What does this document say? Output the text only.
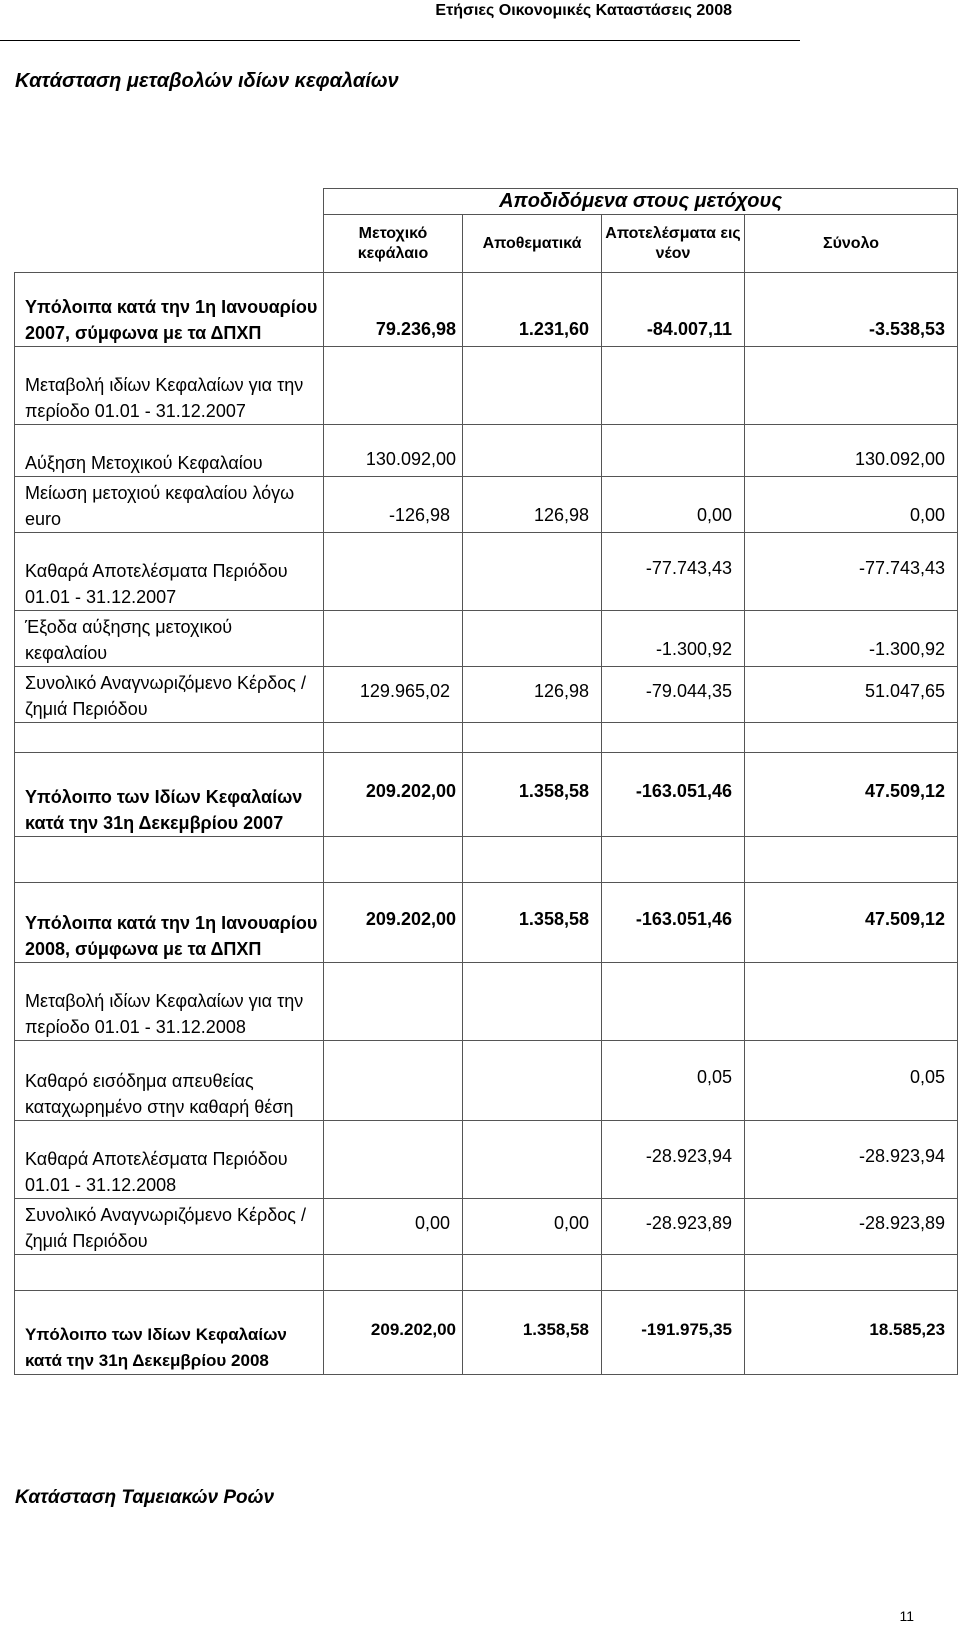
Ετήσιες Οικονομικές Καταστάσεις 2008
Κατάσταση μεταβολών ιδίων κεφαλαίων
	Αποδιδόμενα στους μετόχους			
	Μετοχικό κεφάλαιο	Αποθεματικά	Αποτελέσματα εις νέον	Σύνολο
Υπόλοιπα κατά την 1η Ιανουαρίου 2007, σύμφωνα με τα ΔΠΧΠ	79.236,98	1.231,60	-84.007,11	-3.538,53
Μεταβολή ιδίων Κεφαλαίων για την περίοδο 01.01 - 31.12.2007				
Αύξηση Μετοχικού Κεφαλαίου	130.092,00			130.092,00
Μείωση μετοχιού κεφαλαίου λόγω euro	-126,98	126,98	0,00	0,00
Καθαρά Αποτελέσματα Περιόδου 01.01 - 31.12.2007			-77.743,43	-77.743,43
Έξοδα αύξησης μετοχικού κεφαλαίου			-1.300,92	-1.300,92
Συνολικό Αναγνωριζόμενο Κέρδος / ζημιά Περιόδου	129.965,02	126,98	-79.044,35	51.047,65

Υπόλοιπο των Ιδίων Κεφαλαίων κατά την 31η Δεκεμβρίου 2007	209.202,00	1.358,58	-163.051,46	47.509,12

Υπόλοιπα κατά την 1η Ιανουαρίου 2008, σύμφωνα με τα ΔΠΧΠ	209.202,00	1.358,58	-163.051,46	47.509,12
Μεταβολή ιδίων Κεφαλαίων για την περίοδο 01.01 - 31.12.2008				
Καθαρό εισόδημα απευθείας καταχωρημένο στην καθαρή θέση			0,05	0,05
Καθαρά Αποτελέσματα Περιόδου 01.01 - 31.12.2008			-28.923,94	-28.923,94
Συνολικό Αναγνωριζόμενο Κέρδος / ζημιά Περιόδου	0,00	0,00	-28.923,89	-28.923,89

Υπόλοιπο των Ιδίων Κεφαλαίων κατά την 31η Δεκεμβρίου 2008	209.202,00	1.358,58	-191.975,35	18.585,23
Κατάσταση Ταμειακών Ροών
11
